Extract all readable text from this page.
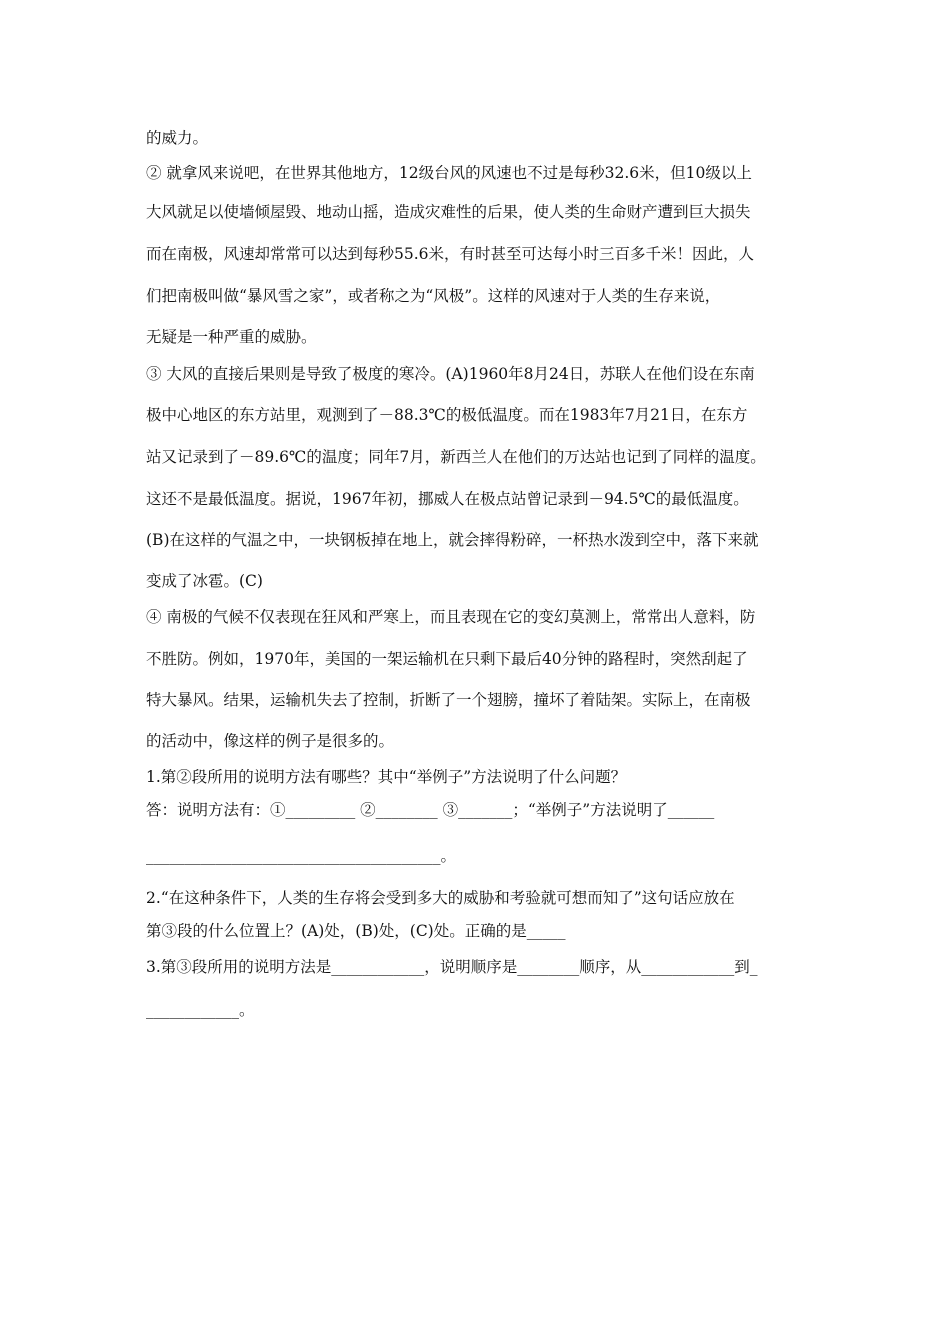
的威力。
② 就拿风来说吧，在世界其他地方，12级台风的风速也不过是每秒32.6米，但10级以上
大风就足以使墙倾屋毁、地动山摇，造成灾难性的后果，使人类的生命财产遭到巨大损失
而在南极，风速却常常可以达到每秒55.6米，有时甚至可达每小时三百多千米！因此，人
们把南极叫做“暴风雪之家”，或者称之为“风极”。这样的风速对于人类的生存来说，
无疑是一种严重的威胁。
③ 大风的直接后果则是导致了极度的寒冷。(A)1960年8月24日，苏联人在他们设在东南
极中心地区的东方站里，观测到了－88.3℃的极低温度。而在1983年7月21日，在东方
站又记录到了－89.6℃的温度；同年7月，新西兰人在他们的万达站也记到了同样的温度。
这还不是最低温度。据说，1967年初，挪威人在极点站曾记录到－94.5℃的最低温度。
(B)在这样的气温之中，一块钢板掉在地上，就会摔得粉碎，一杯热水泼到空中，落下来就
变成了冰雹。(C)
④ 南极的气候不仅表现在狂风和严寒上，而且表现在它的变幻莫测上，常常出人意料，防
不胜防。例如，1970年，美国的一架运输机在只剩下最后40分钟的路程时，突然刮起了
特大暴风。结果，运输机失去了控制，折断了一个翅膀，撞坏了着陆架。实际上，在南极
的活动中，像这样的例子是很多的。
1.第②段所用的说明方法有哪些？其中“举例子”方法说明了什么问题？
答：说明方法有：①_________ ②________ ③_______；“举例子”方法说明了______
______________________________________。
2.“在这种条件下，人类的生存将会受到多大的威胁和考验就可想而知了”这句话应放在
第③段的什么位置上？(A)处，(B)处，(C)处。正确的是_____
3.第③段所用的说明方法是____________，说明顺序是________顺序，从____________到_
____________。
